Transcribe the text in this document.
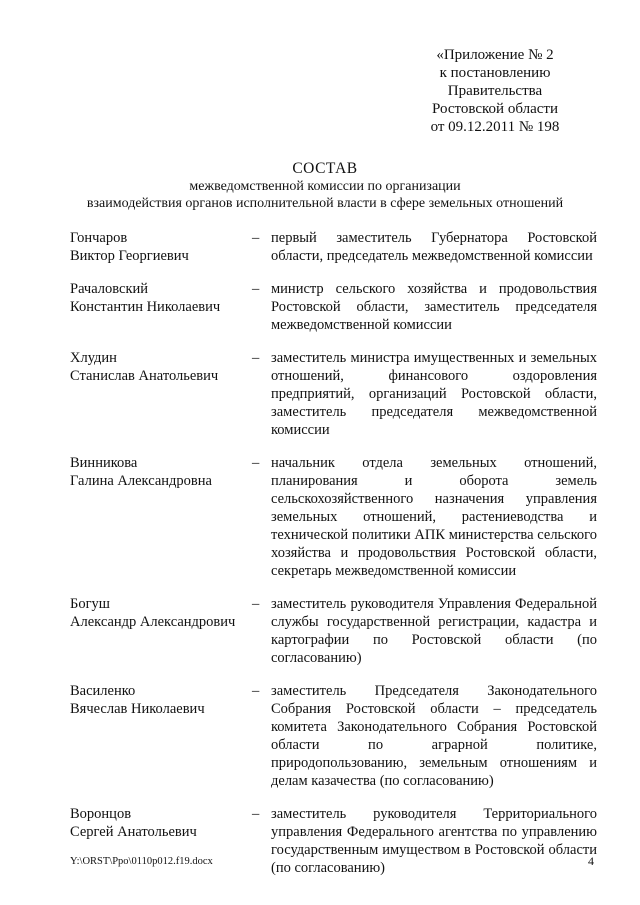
«Приложение № 2
к постановлению
Правительства
Ростовской области
от 09.12.2011 № 198
СОСТАВ
межведомственной комиссии по организации
взаимодействия органов исполнительной власти в сфере земельных отношений
Гончаров
Виктор Георгиевич
– первый заместитель Губернатора Ростовской области, председатель межведомственной комиссии
Рачаловский
Константин Николаевич
– министр сельского хозяйства и продовольствия Ростовской области, заместитель председателя межведомственной комиссии
Хлудин
Станислав Анатольевич
– заместитель министра имущественных и земельных отношений, финансового оздоровления предприятий, организаций Ростовской области, заместитель председателя межведомственной комиссии
Винникова
Галина Александровна
– начальник отдела земельных отношений, планирования и оборота земель сельскохозяйственного назначения управления земельных отношений, растениеводства и технической политики АПК министерства сельского хозяйства и продовольствия Ростовской области, секретарь межведомственной комиссии
Богуш
Александр Александрович
– заместитель руководителя Управления Федеральной службы государственной регистрации, кадастра и картографии по Ростовской области (по согласованию)
Василенко
Вячеслав Николаевич
– заместитель Председателя Законодательного Собрания Ростовской области – председатель комитета Законодательного Собрания Ростовской области по аграрной политике, природопользованию, земельным отношениям и делам казачества (по согласованию)
Воронцов
Сергей Анатольевич
– заместитель руководителя Территориального управления Федерального агентства по управлению государственным имуществом в Ростовской области (по согласованию)
Y:\ORST\Ppo\0110p012.f19.docx	4
